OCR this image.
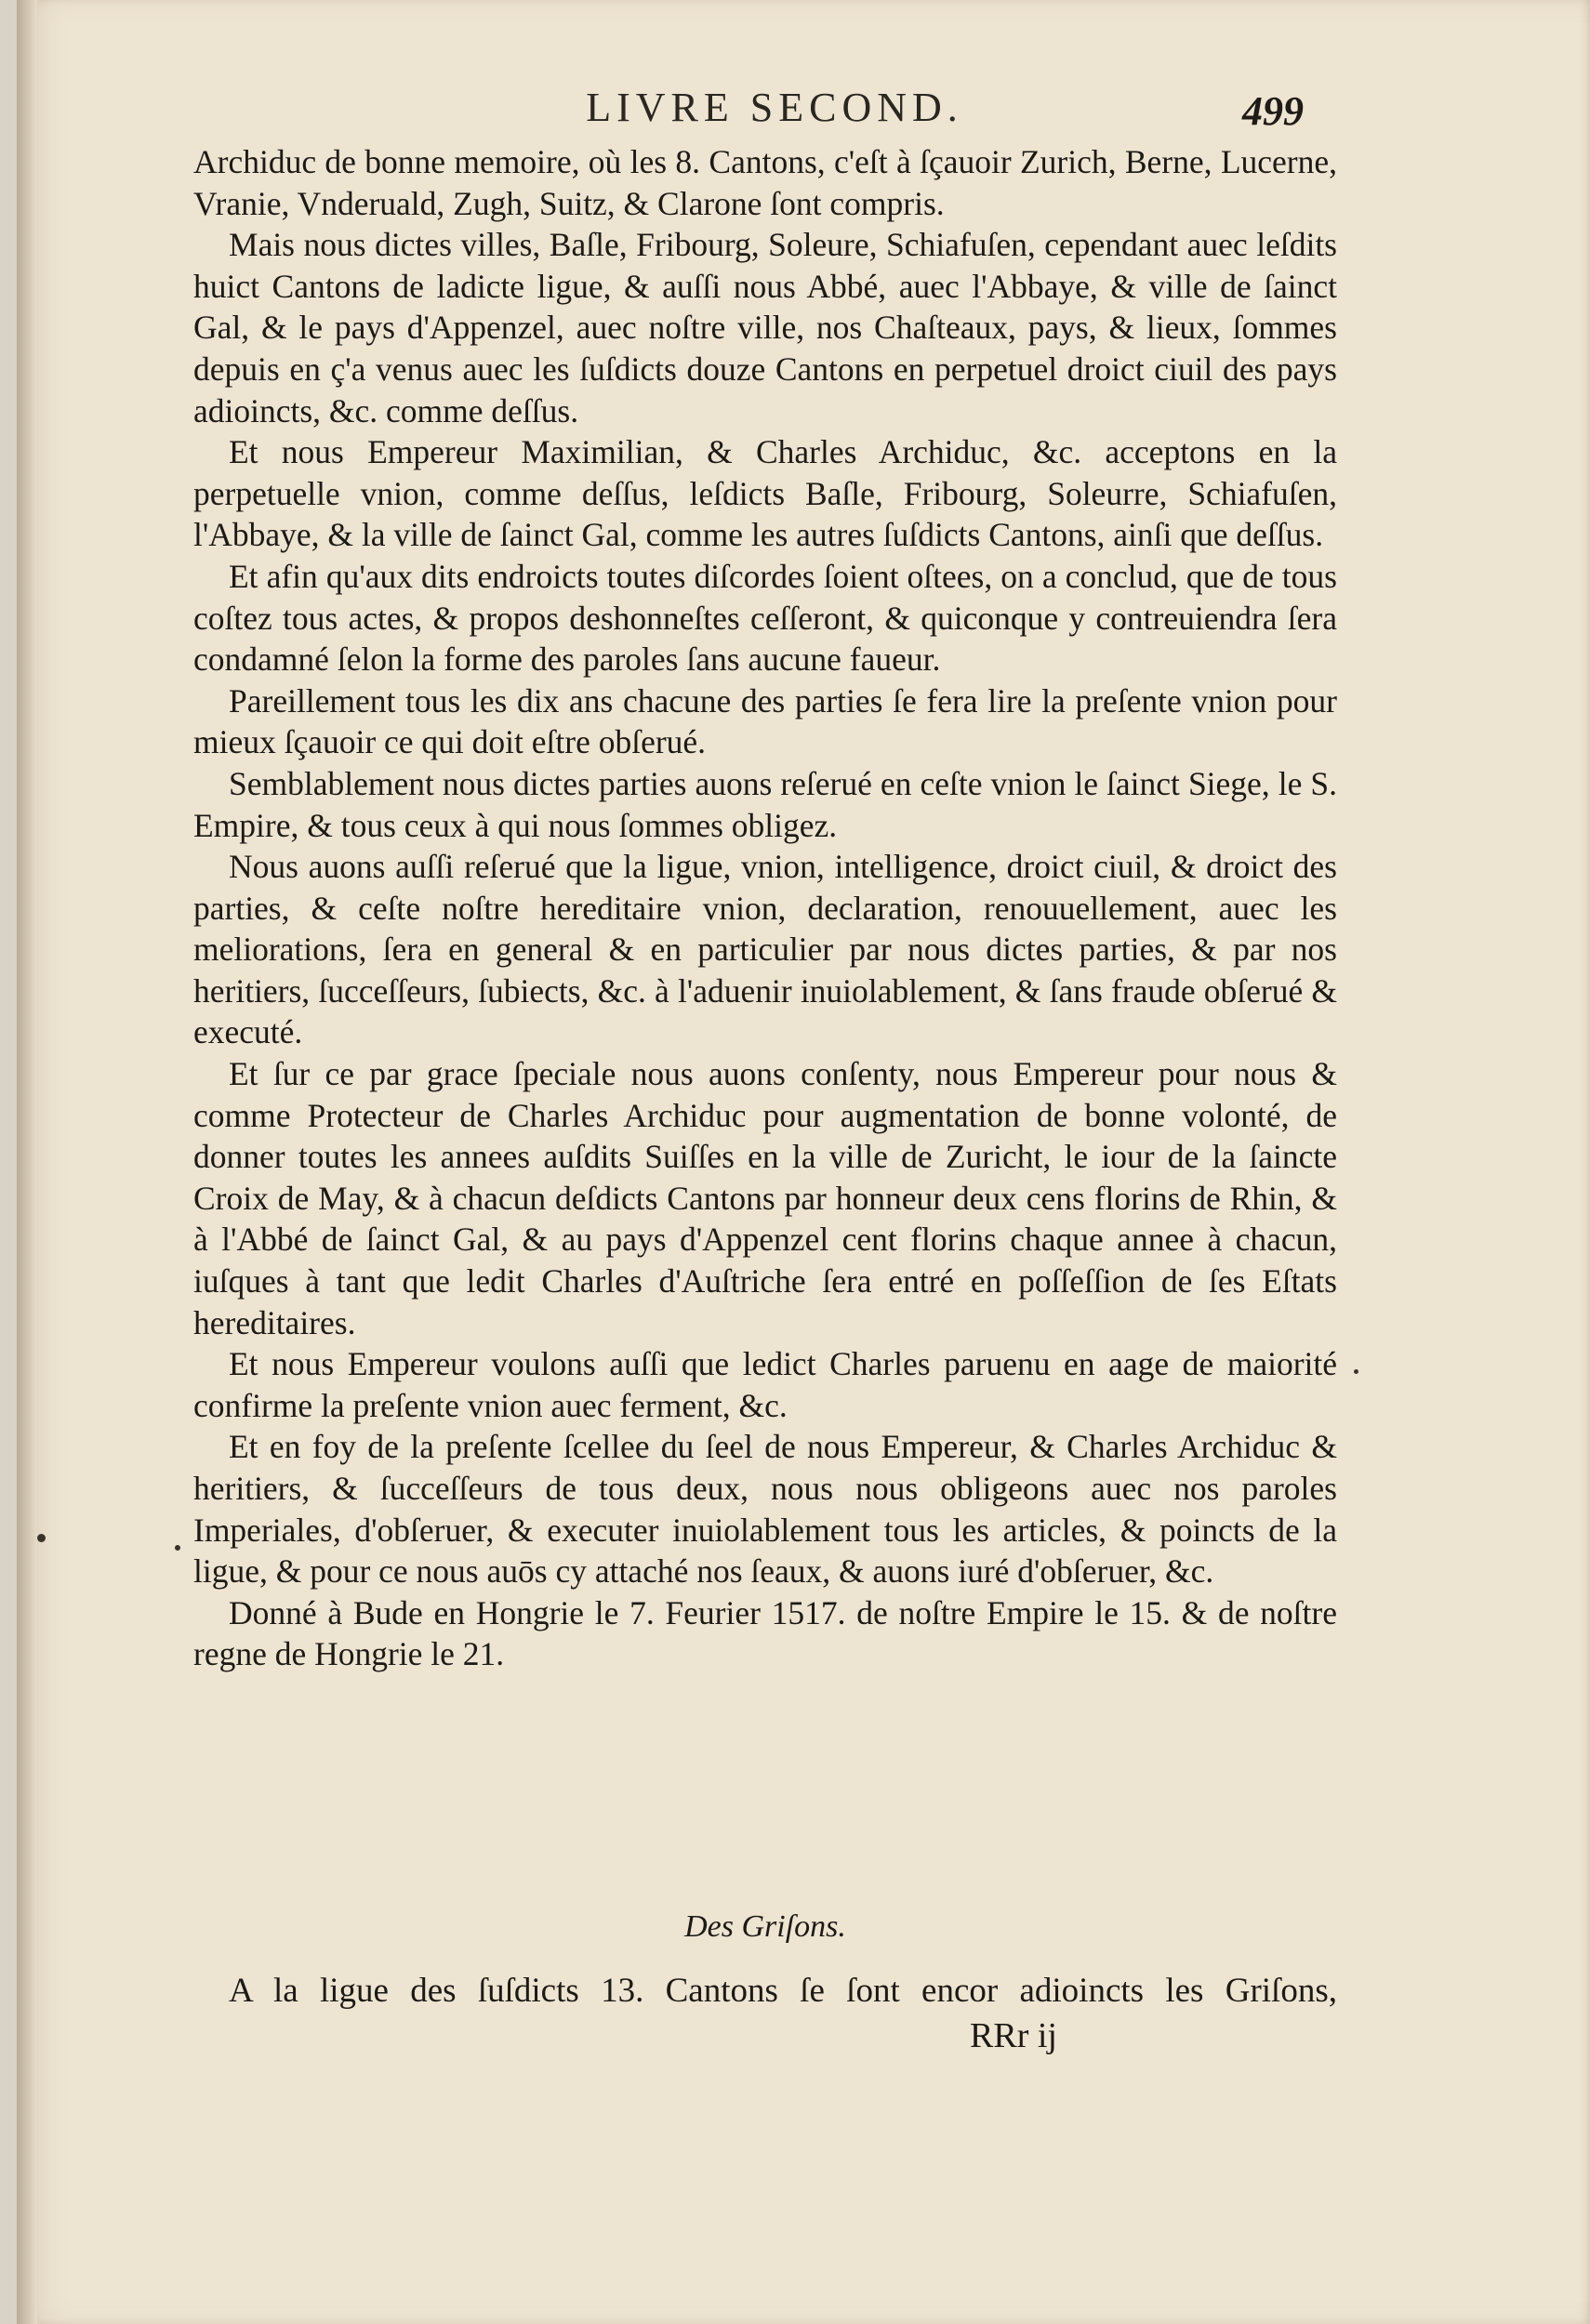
LIVRE SECOND.	499

Archiduc de bonne memoire, où les 8. Cantons, c'eſt à ſçauoir Zurich, Berne, Lucerne, Vranie, Vnderuald, Zugh, Suitz, & Clarone ſont compris.

Mais nous dictes villes, Baſle, Fribourg, Soleure, Schiafuſen, cependant auec leſdits huict Cantons de ladicte ligue, & auſſi nous Abbé, auec l'Abbaye, & ville de ſainct Gal, & le pays d'Appenzel, auec noſtre ville, nos Chaſteaux, pays, & lieux, ſommes depuis en ç'a venus auec les ſuſdicts douze Cantons en perpetuel droict ciuil des pays adioincts, &c. comme deſſus.

Et nous Empereur Maximilian, & Charles Archiduc, &c. acceptons en la perpetuelle vnion, comme deſſus, leſdicts Baſle, Fribourg, Soleurre, Schiafuſen, l'Abbaye, & la ville de ſainct Gal, comme les autres ſuſdicts Cantons, ainſi que deſſus.

Et afin qu'aux dits endroicts toutes diſcordes ſoient oſtees, on a conclud, que de tous coſtez tous actes, & propos deshonneſtes ceſſeront, & quiconque y contreuiendra ſera condamné ſelon la forme des paroles ſans aucune faueur.

Pareillement tous les dix ans chacune des parties ſe fera lire la preſente vnion pour mieux ſçauoir ce qui doit eſtre obſerué.

Semblablement nous dictes parties auons reſerué en ceſte vnion le ſainct Siege, le S. Empire, & tous ceux à qui nous ſommes obligez.

Nous auons auſſi reſerué que la ligue, vnion, intelligence, droict ciuil, & droict des parties, & ceſte noſtre hereditaire vnion, declaration, renouuellement, auec les meliorations, ſera en general & en particulier par nous dictes parties, & par nos heritiers, ſucceſſeurs, ſubiects, &c. à l'aduenir inuiolablement, & ſans fraude obſerué & executé.

Et ſur ce par grace ſpeciale nous auons conſenty, nous Empereur pour nous & comme Protecteur de Charles Archiduc pour augmentation de bonne volonté, de donner toutes les annees auſdits Suiſſes en la ville de Zuricht, le iour de la ſaincte Croix de May, & à chacun deſdicts Cantons par honneur deux cens florins de Rhin, & à l'Abbé de ſainct Gal, & au pays d'Appenzel cent florins chaque annee à chacun, iuſques à tant que ledit Charles d'Auſtriche ſera entré en poſſeſſion de ſes Eſtats hereditaires.

Et nous Empereur voulons auſſi que ledict Charles paruenu en aage de maiorité confirme la preſente vnion auec ferment, &c.

Et en foy de la preſente ſcellee du ſeel de nous Empereur, & Charles Archiduc & heritiers, & ſucceſſeurs de tous deux, nous nous obligeons auec nos paroles Imperiales, d'obſeruer, & executer inuiolablement tous les articles, & poincts de la ligue, & pour ce nous auōs cy attaché nos ſeaux, & auons iuré d'obſeruer, &c.

Donné à Bude en Hongrie le 7. Feurier 1517. de noſtre Empire le 15. & de noſtre regne de Hongrie le 21.

Des Griſons.
A la ligue des ſuſdicts 13. Cantons ſe ſont encor adioincts les Griſons,
RRr ij
